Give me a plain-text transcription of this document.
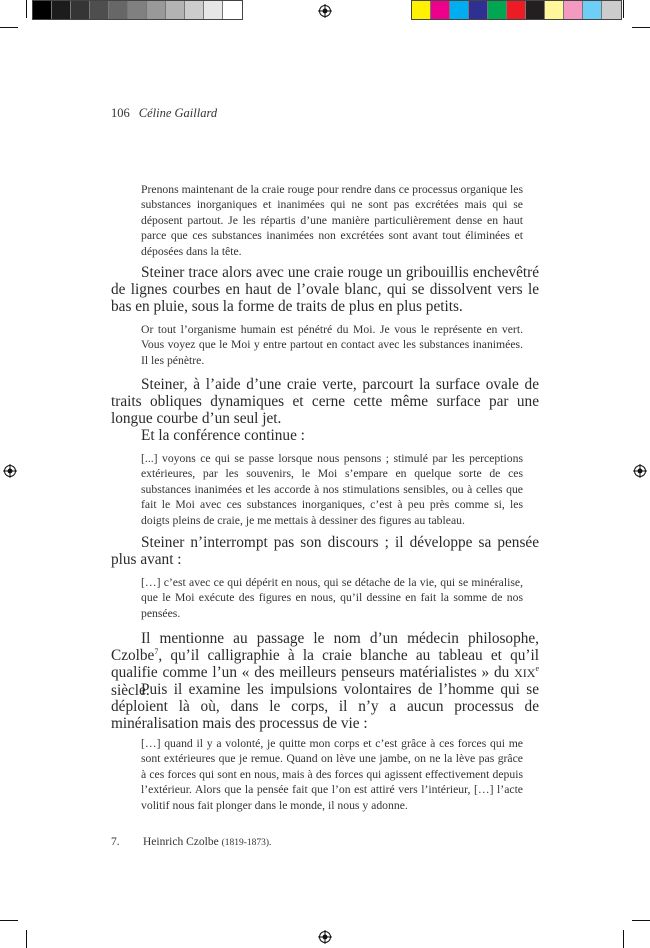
106 Céline Gaillard

Prenons maintenant de la craie rouge pour rendre dans ce processus organique les substances inorganiques et inanimées qui ne sont pas excrétées mais qui se déposent partout. Je les répartis d’une manière particulièrement dense en haut parce que ces substances inanimées non excrétées sont avant tout éliminées et déposées dans la tête.

Steiner trace alors avec une craie rouge un gribouillis enchevêtré de lignes courbes en haut de l’ovale blanc, qui se dissolvent vers le bas en pluie, sous la forme de traits de plus en plus petits.

Or tout l’organisme humain est pénétré du Moi. Je vous le représente en vert. Vous voyez que le Moi y entre partout en contact avec les substances inanimées. Il les pénètre.

Steiner, à l’aide d’une craie verte, parcourt la surface ovale de traits obliques dynamiques et cerne cette même surface par une longue courbe d’un seul jet.

Et la conférence continue :

[...] voyons ce qui se passe lorsque nous pensons ; stimulé par les perceptions extérieures, par les souvenirs, le Moi s’empare en quelque sorte de ces substances inanimées et les accorde à nos stimulations sensibles, ou à celles que fait le Moi avec ces substances inorganiques, c’est à peu près comme si, les doigts pleins de craie, je me mettais à dessiner des figures au tableau.

Steiner n’interrompt pas son discours ; il développe sa pensée plus avant :

[…] c’est avec ce qui dépérit en nous, qui se détache de la vie, qui se minéralise, que le Moi exécute des figures en nous, qu’il dessine en fait la somme de nos pensées.

Il mentionne au passage le nom d’un médecin philosophe, Czolbe$^7$, qu’il calligraphie à la craie blanche au tableau et qu’il qualifie comme l’un « des meilleurs penseurs matérialistes » du XIXe siècle.

Puis il examine les impulsions volontaires de l’homme qui se déploient là où, dans le corps, il n’y a aucun processus de minéralisation mais des processus de vie :

[…] quand il y a volonté, je quitte mon corps et c’est grâce à ces forces qui me sont extérieures que je remue. Quand on lève une jambe, on ne la lève pas grâce à ces forces qui sont en nous, mais à des forces qui agissent effectivement depuis l’extérieur. Alors que la pensée fait que l’on est attiré vers l’intérieur, […] l’acte volitif nous fait plonger dans le monde, il nous y adonne.

7. Heinrich Czolbe (1819-1873).
